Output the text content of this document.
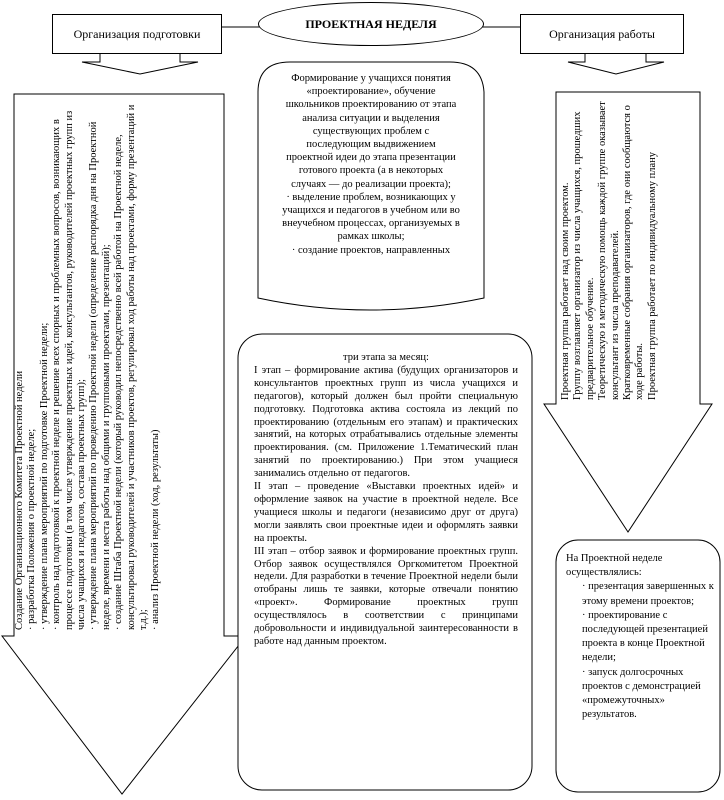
Организация подготовки
ПРОЕКТНАЯ НЕДЕЛЯ
Организация работы

Создание Организационного Комитета Проектной недели · разработка Положения о проектной неделе; · утверждение плана мероприятий по подготовке Проектной недели; · контроль над подготовкой к проектной неделе и решение всех спорных и проблемных вопросов, возникающих в процессе подготовки (в том числе утверждение проектных идей, консультантов, руководителей проектных групп из числа учащихся и педагогов, состава проектных групп); · утверждение плана мероприятий по проведению Проектной недели (определение распорядка дня на Проектной неделе, времени и места работы над общими и групповыми проектами, презентаций); · создание Штаба Проектной недели (который руководил непосредственно всей работой на Проектной неделе, консультировал руководителей и участников проектов, регулировал ход работы над проектами, форму презентаций и т.д.); · анализ Проектной недели (ход, результаты)

Формирование у учащихся понятия «проектирование», обучение школьников проектированию от этапа анализа ситуации и выделения существующих проблем с последующим выдвижением проектной идеи до этапа презентации готового проекта (а в некоторых случаях — до реализации проекта);

· выделение проблем, возникающих у учащихся и педагогов в учебном или во внеучебном процессах, организуемых в рамках школы;

· создание проектов, направленных

три этапа за месяц:

I этап – формирование актива (будущих организаторов и консультантов проектных групп из числа учащихся и педагогов), который должен был пройти специальную подготовку. Подготовка актива состояла из лекций по проектированию (отдельным его этапам) и практических занятий, на которых отрабатывались отдельные элементы проектирования. (см. Приложение 1.Тематический план занятий по проектированию.) При этом учащиеся занимались отдельно от педагогов.

II этап – проведение «Выставки проектных идей» и оформление заявок на участие в проектной неделе. Все учащиеся школы и педагоги (независимо друг от друга) могли заявлять свои проектные идеи и оформлять заявки на проекты.

III этап – отбор заявок и формирование проектных групп. Отбор заявок осуществлялся Оргкомитетом Проектной недели. Для разработки в течение Проектной недели были отобраны лишь те заявки, которые отвечали понятию «проект». Формирование проектных групп осуществлялось в соответствии с принципами добровольности и индивидуальной заинтересованности в работе над данным проектом.

Проектная группа работает над своим проектом. Группу возглавляет организатор из числа учащихся, прошедших предварительное обучение. Теоретическую и методическую помощь каждой группе оказывает консультант из числа преподавателей. Кратковременные собрания организаторов, где они сообщаются о ходе работы. Проектная группа работает по индивидуальному плану

На Проектной неделе осуществлялись:

· презентация завершенных к этому времени проектов;

· проектирование с последующей презентацией проекта в конце Проектной недели;

· запуск долгосрочных проектов с демонстрацией «промежуточных» результатов.
